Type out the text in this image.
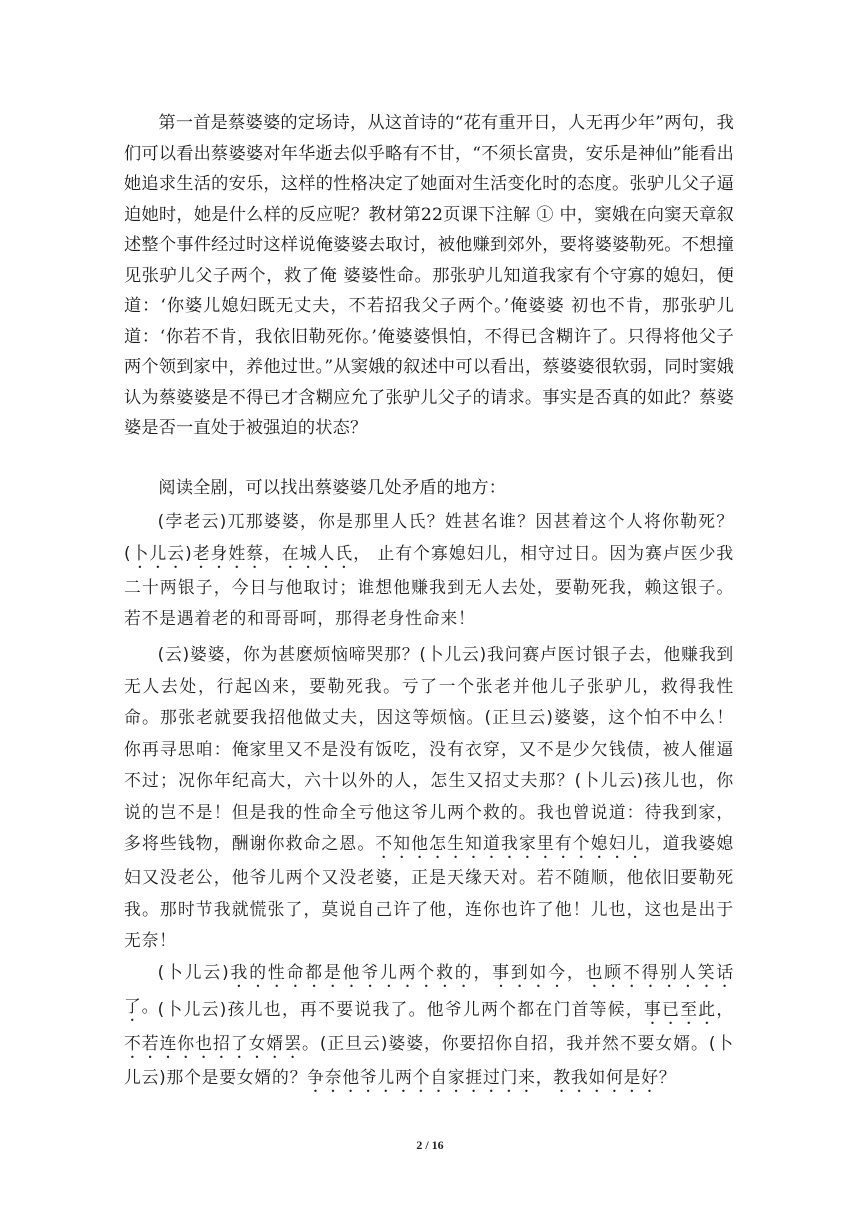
第一首是蔡婆婆的定场诗，从这首诗的“花有重开日，人无再少年”两句，我们可以看出蔡婆婆对年华逝去似乎略有不甘，“不须长富贵，安乐是神仙”能看出她追求生活的安乐，这样的性格决定了她面对生活变化时的态度。张驴儿父子逼迫她时，她是什么样的反应呢？教材第22页课下注解 ① 中，窦娥在向窦天章叙述整个事件经过时这样说俺婆婆去取讨，被他赚到郊外，要将婆婆勒死。不想撞见张驴儿父子两个，救了俺 婆婆性命。那张驴儿知道我家有个守寡的媳妇，便道：‘你婆儿媳妇既无丈夫，不若招我父子两个。’俺婆婆 初也不肯，那张驴儿道：‘你若不肯，我依旧勒死你。’俺婆婆惧怕，不得已含糊许了。只得将他父子两个领到家中，养他过世。”从窦娥的叙述中可以看出，蔡婆婆很软弱，同时窦娥认为蔡婆婆是不得已才含糊应允了张驴儿父子的请求。事实是否真的如此？蔡婆婆是否一直处于被强迫的状态？

阅读全剧，可以找出蔡婆婆几处矛盾的地方：

(孛老云)兀那婆婆，你是那里人氏？姓甚名谁？因甚着这个人将你勒死？(卜儿云)老身姓蔡，在城人氏， 止有个寡媳妇儿，相守过日。因为赛卢医少我二十两银子，今日与他取讨；谁想他赚我到无人去处，要勒死我，赖这银子。若不是遇着老的和哥哥呵，那得老身性命来！

(云)婆婆，你为甚麽烦恼啼哭那？(卜儿云)我问赛卢医讨银子去，他赚我到无人去处，行起凶来，要勒死我。亏了一个张老并他儿子张驴儿，救得我性命。那张老就要我招他做丈夫，因这等烦恼。(正旦云)婆婆，这个怕不中么！你再寻思咱：俺家里又不是没有饭吃，没有衣穿，又不是少欠钱债，被人催逼不过；况你年纪高大，六十以外的人，怎生又招丈夫那？(卜儿云)孩儿也，你说的岂不是！但是我的性命全亏他这爷儿两个救的。我也曾说道：待我到家，多将些钱物，酬谢你救命之恩。不知他怎生知道我家里有个媳妇儿，道我婆媳妇又没老公，他爷儿两个又没老婆，正是天缘天对。若不随顺，他依旧要勒死我。那时节我就慌张了，莫说自己许了他，连你也许了他！儿也，这也是出于无奈！

(卜儿云)我的性命都是他爷儿两个救的，事到如今，也顾不得别人笑话了。

(卜儿云)孩儿也，再不要说我了。他爷儿两个都在门首等候，事已至此，不若连你也招了女婿罢。(正旦云)婆婆，你要招你自招，我并然不要女婿。(卜儿云)那个是要女婿的？争奈他爷儿两个自家捱过门来，教我如何是好？

2 / 16
